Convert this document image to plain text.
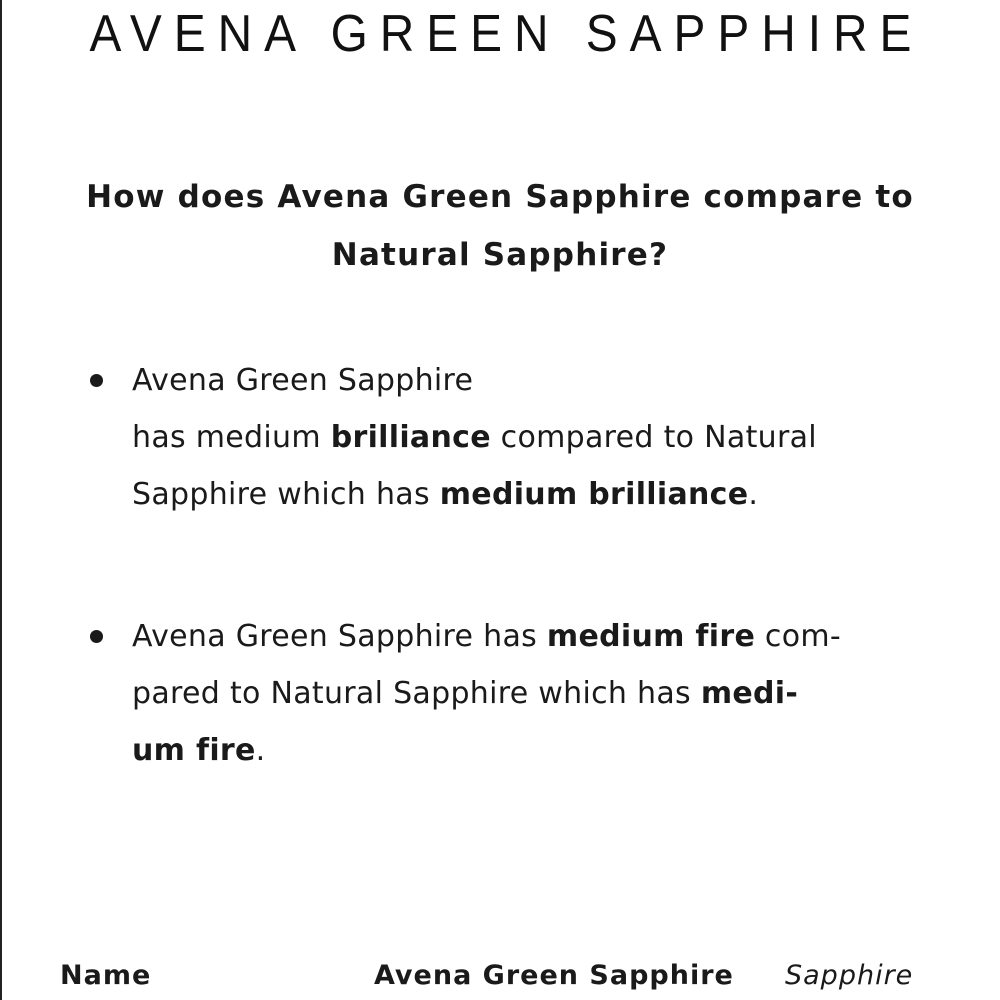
AVENA GREEN SAPPHIRE
How does Avena Green Sapphire compare to
Natural Sapphire?
Avena Green Sapphire
has medium brilliance compared to Natural
Sapphire which has medium brilliance.
Avena Green Sapphire has medium fire com-
pared to Natural Sapphire which has medi-
um fire.
Name	Avena Green Sapphire Sapphire
